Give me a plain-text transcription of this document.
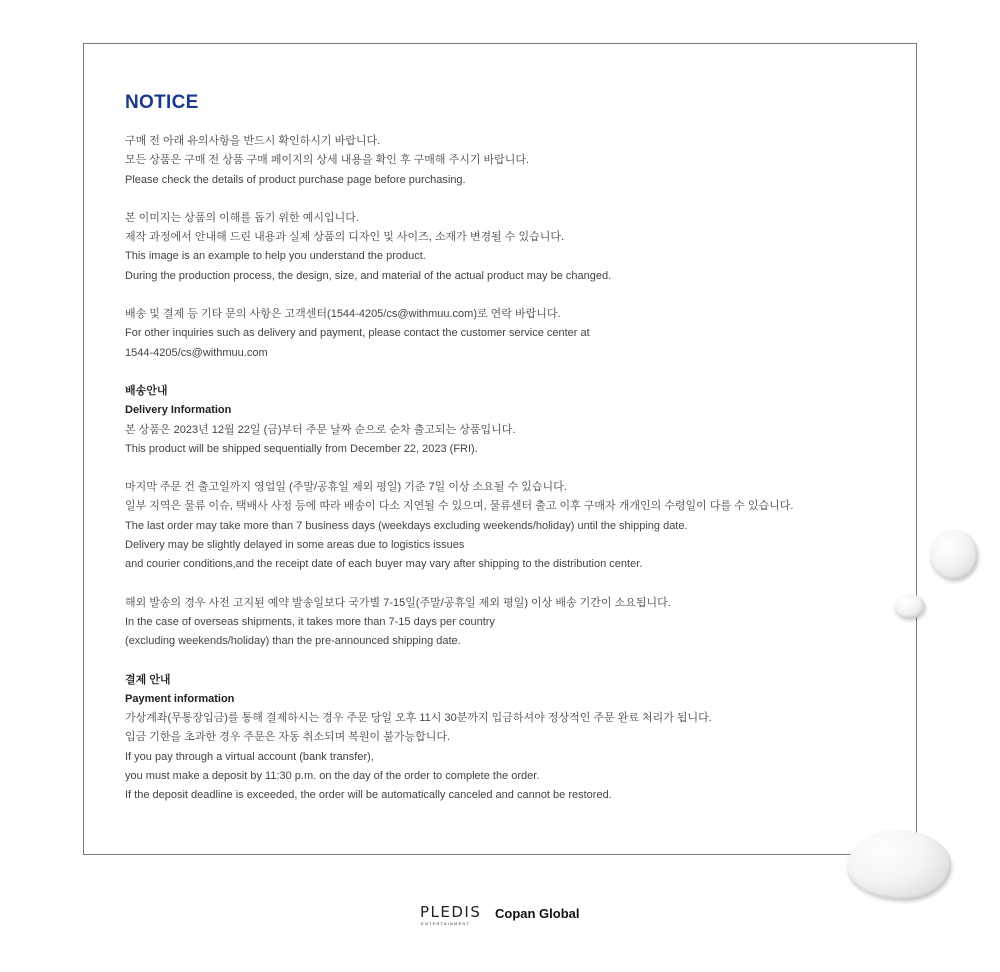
NOTICE
구매 전 아래 유의사항을 반드시 확인하시기 바랍니다.
모든 상품은 구매 전 상품 구매 페이지의 상세 내용을 확인 후 구매해 주시기 바랍니다.
Please check the details of product purchase page before purchasing.
본 이미지는 상품의 이해를 돕기 위한 예시입니다.
제작 과정에서 안내해 드린 내용과 실제 상품의 디자인 및 사이즈, 소재가 변경될 수 있습니다.
This image is an example to help you understand the product.
During the production process, the design, size, and material of the actual product may be changed.
배송 및 결제 등 기타 문의 사항은 고객센터(1544-4205/cs@withmuu.com)로 연락 바랍니다.
For other inquiries such as delivery and payment, please contact the customer service center at
1544-4205/cs@withmuu.com
배송안내
Delivery Information
본 상품은 2023년 12월 22일 (금)부터 주문 날짜 순으로 순차 출고되는 상품입니다.
This product will be shipped sequentially from December 22, 2023 (FRI).
마지막 주문 건 출고일까지 영업일 (주말/공휴일 제외 평일) 기준 7일 이상 소요될 수 있습니다.
일부 지역은 물류 이슈, 택배사 사정 등에 따라 배송이 다소 지연될 수 있으며, 물류센터 출고 이후 구매자 개개인의 수령일이 다를 수 있습니다.
The last order may take more than 7 business days (weekdays excluding weekends/holiday) until the shipping date.
Delivery may be slightly delayed in some areas due to logistics issues
and courier conditions,and the receipt date of each buyer may vary after shipping to the distribution center.
해외 발송의 경우 사전 고지된 예약 발송일보다 국가별 7-15일(주말/공휴일 제외 평일) 이상 배송 기간이 소요됩니다.
In the case of overseas shipments, it takes more than 7-15 days per country
(excluding weekends/holiday) than the pre-announced shipping date.
결제 안내
Payment information
가상계좌(무통장입금)를 통해 결제하시는 경우 주문 당일 오후 11시 30분까지 입금하셔야 정상적인 주문 완료 처리가 됩니다.
입금 기한을 초과한 경우 주문은 자동 취소되며 복원이 불가능합니다.
If you pay through a virtual account (bank transfer),
you must make a deposit by 11:30 p.m. on the day of the order to complete the order.
If the deposit deadline is exceeded, the order will be automatically canceled and cannot be restored.
PLEDIS
ENTERTAINMENT
Copan Global
